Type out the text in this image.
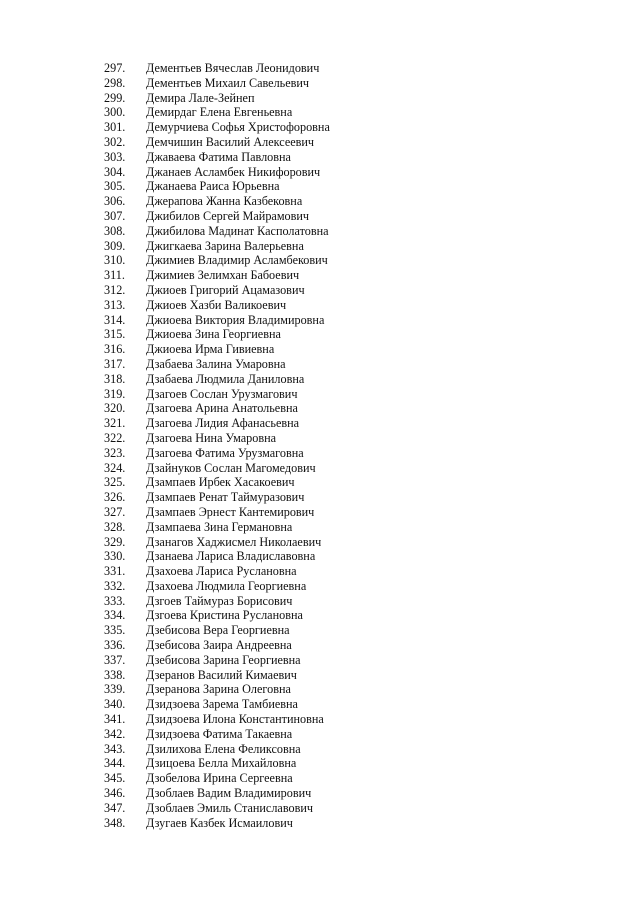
297.	Дементьев Вячеслав Леонидович
298.	Дементьев Михаил Савельевич
299.	Демира Лале-Зейнеп
300.	Демирдаг Елена Евгеньевна
301.	Демурчиева Софья Христофоровна
302.	Демчишин Василий Алексеевич
303.	Джаваева Фатима Павловна
304.	Джанаев Асламбек Никифорович
305.	Джанаева Раиса Юрьевна
306.	Джерапова Жанна Казбековна
307.	Джибилов Сергей Майрамович
308.	Джибилова Мадинат Касполатовна
309.	Джигкаева Зарина Валерьевна
310.	Джимиев Владимир Асламбекович
311.	Джимиев Зелимхан Бабоевич
312.	Джиоев Григорий Ацамазович
313.	Джиоев Хазби Валикоевич
314.	Джиоева Виктория Владимировна
315.	Джиоева Зина Георгиевна
316.	Джиоева Ирма Гивиевна
317.	Дзабаева Залина Умаровна
318.	Дзабаева Людмила Даниловна
319.	Дзагоев Сослан Урузмагович
320.	Дзагоева Арина Анатольевна
321.	Дзагоева Лидия Афанасьевна
322.	Дзагоева Нина Умаровна
323.	Дзагоева Фатима Урузмаговна
324.	Дзайнуков Сослан Магомедович
325.	Дзампаев Ирбек Хасакоевич
326.	Дзампаев Ренат Таймуразович
327.	Дзампаев Эрнест Кантемирович
328.	Дзампаева Зина Германовна
329.	Дзанагов Хаджисмел Николаевич
330.	Дзанаева Лариса Владиславовна
331.	Дзахоева Лариса Руслановна
332.	Дзахоева Людмила Георгиевна
333.	Дзгоев Таймураз Борисович
334.	Дзгоева Кристина Руслановна
335.	Дзебисова Вера Георгиевна
336.	Дзебисова Заира Андреевна
337.	Дзебисова Зарина Георгиевна
338.	Дзеранов Василий Кимаевич
339.	Дзеранова Зарина Олеговна
340.	Дзидзоева Зарема Тамбиевна
341.	Дзидзоева Илона Константиновна
342.	Дзидзоева Фатима Такаевна
343.	Дзилихова Елена Феликсовна
344.	Дзицоева Белла Михайловна
345.	Дзобелова Ирина Сергеевна
346.	Дзоблаев Вадим Владимирович
347.	Дзоблаев Эмиль Станиславович
348.	Дзугаев Казбек Исмаилович
